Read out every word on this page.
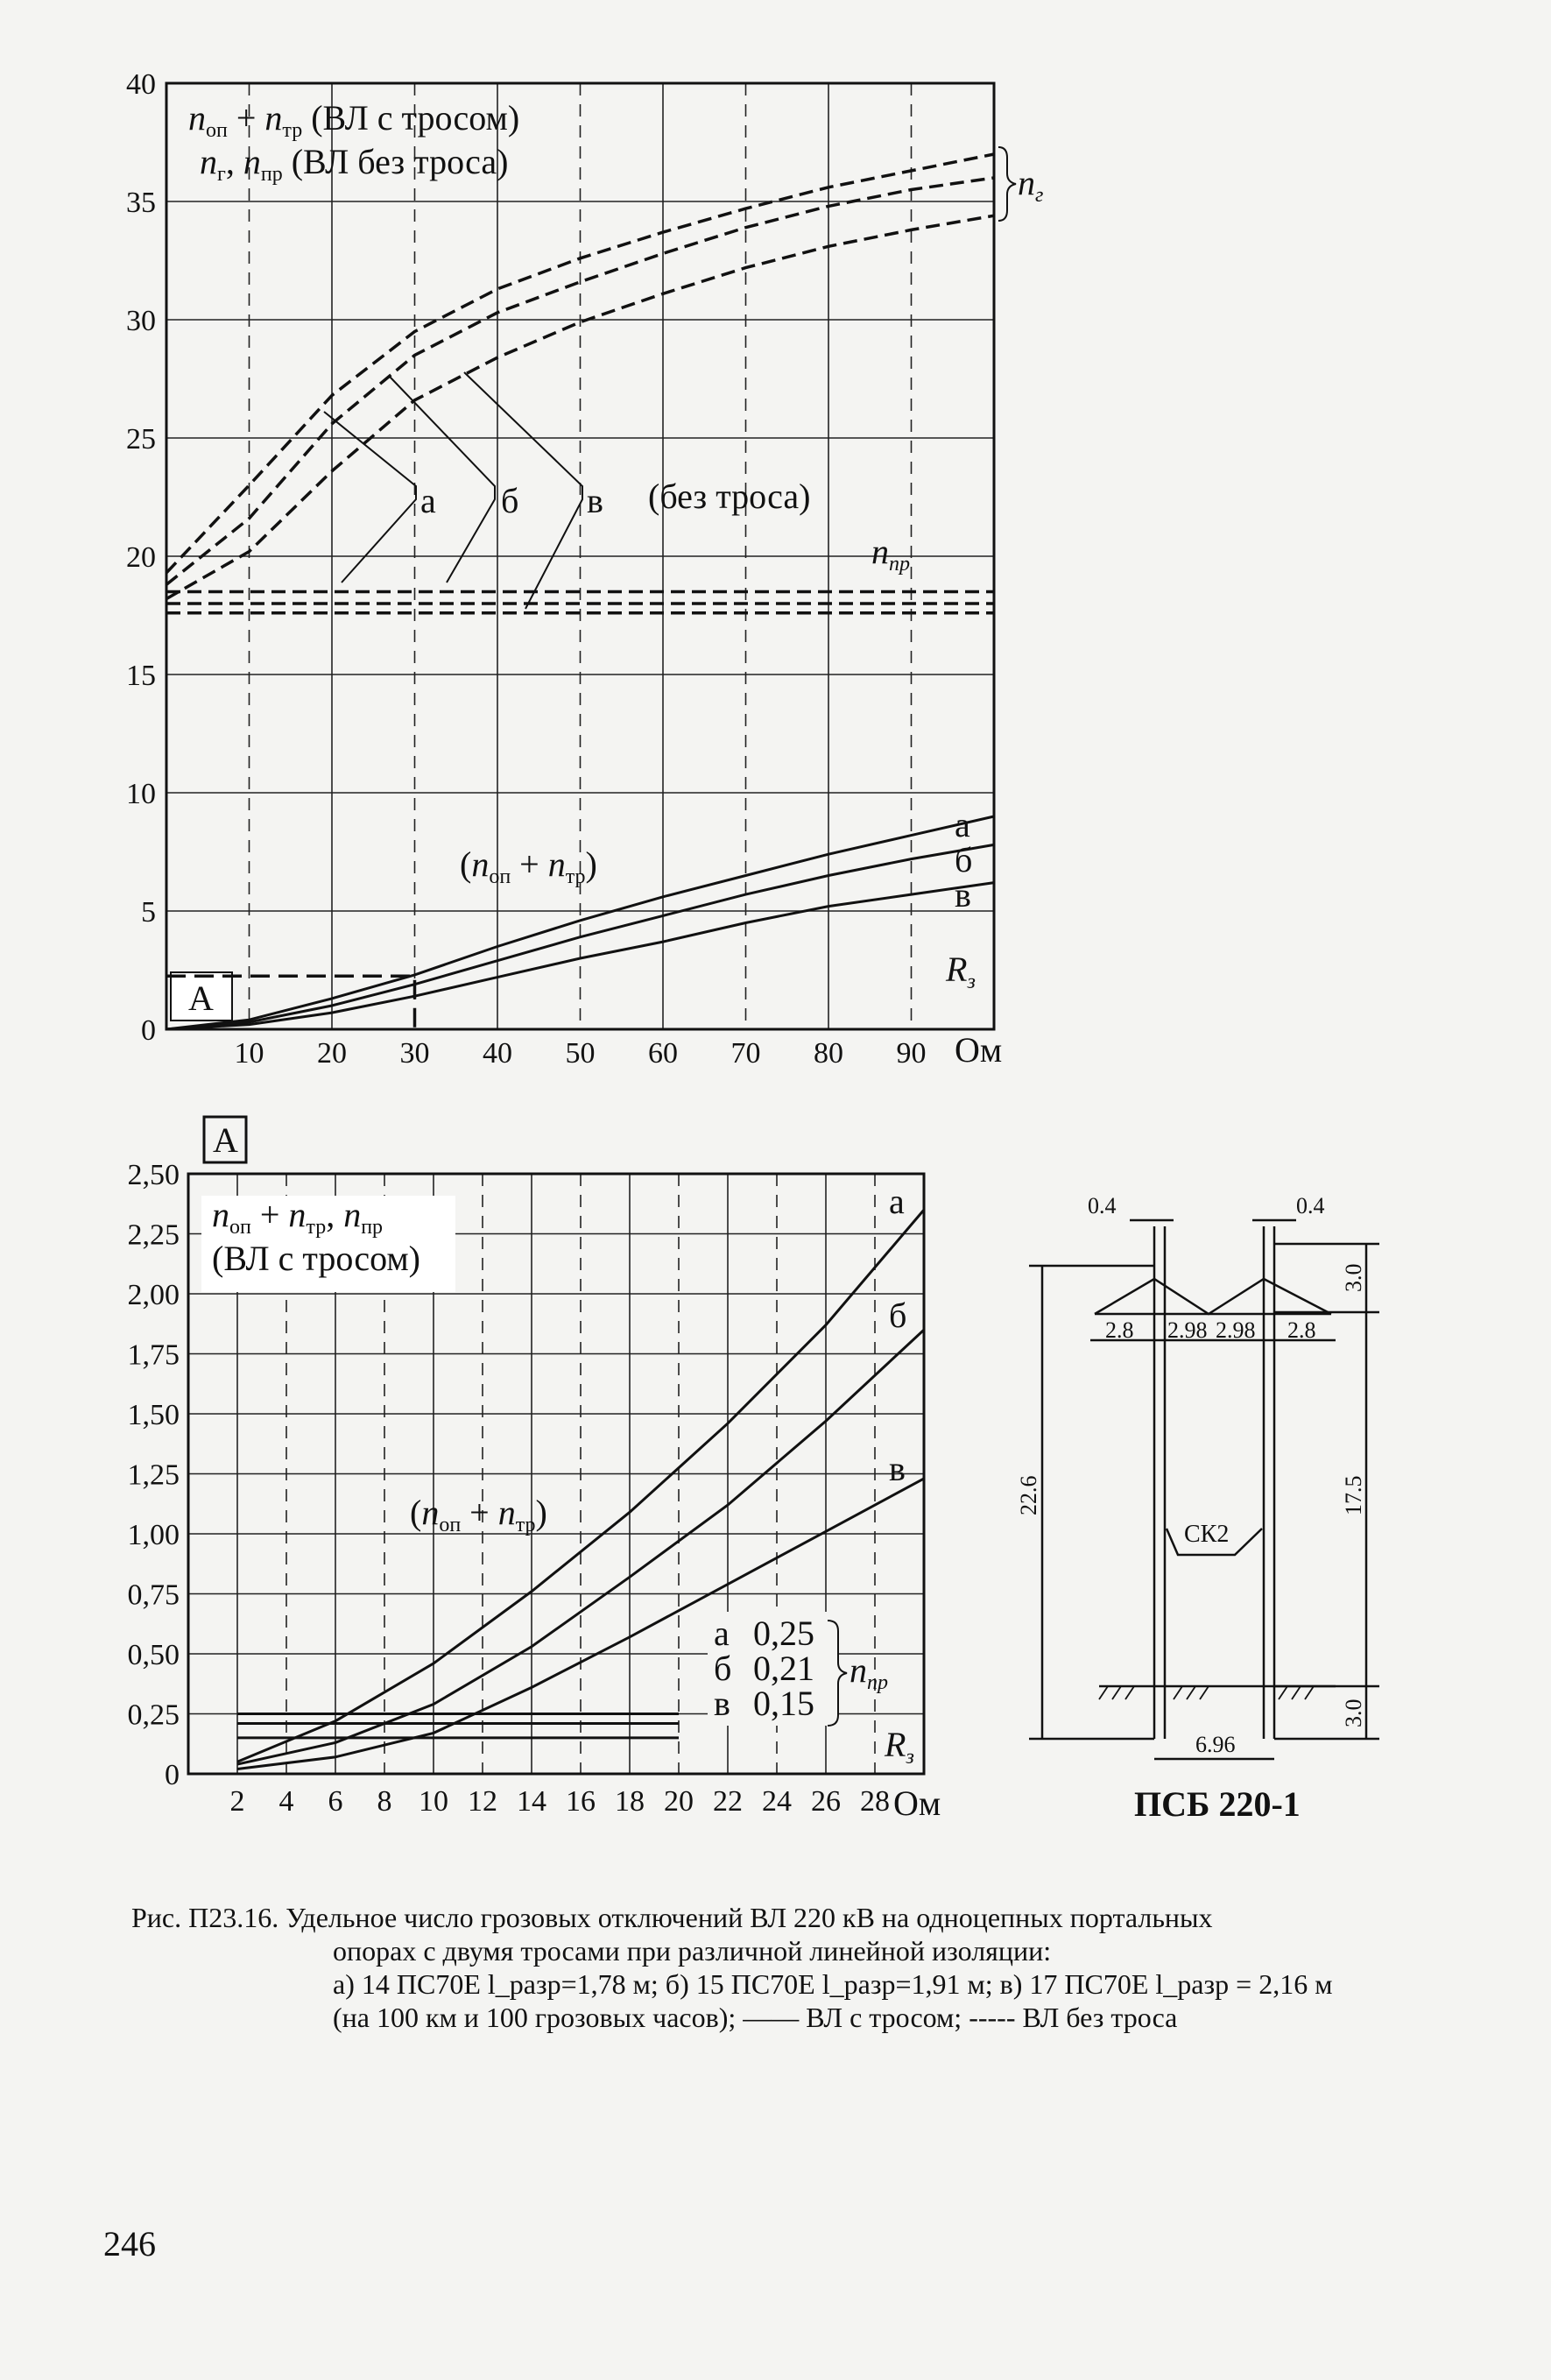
0
5
10
15
20
25
30
35
40
10 20 30 40 50 60 70 80 90 Ом
$n_{оп} + n_{тр}$ (ВЛ с тросом)
$n_г$, $n_{пр}$ (ВЛ без троса)
А
$n_г$
$n_{пр}$
а б в (без троса)
$(n_{оп} + n_{тр})$
а
б
в
$R_з$
А
0
0,25
0,50
0,75
1,00
1,25
1,50
1,75
2,00
2,25
2,50
2 4 6 8 10 12 14 16 18 20 22 24 26 28 Ом
$n_{оп} + n_{тр}$, $n_{пр}$
(ВЛ с тросом)
$(n_{оп} + n_{тр})$
а
б
в
а 0,25
б 0,21
в 0,15
$n_{пр}$
$R_з$
0.4	0.4
2.8 2.98 2.98 2.8
22.6	17.5
3.0
3.0
6.96
СК2
ПСБ 220-1
Рис. П23.16. Удельное число грозовых отключений ВЛ 220 кВ на одноцепных портальных
опорах с двумя тросами при различной линейной изоляции:
а) 14 ПС70Е l_разр=1,78 м; б) 15 ПС70Е l_разр=1,91 м; в) 17 ПС70Е l_разр = 2,16 м
(на 100 км и 100 грозовых часов); —— ВЛ с тросом; ----- ВЛ без троса
246
